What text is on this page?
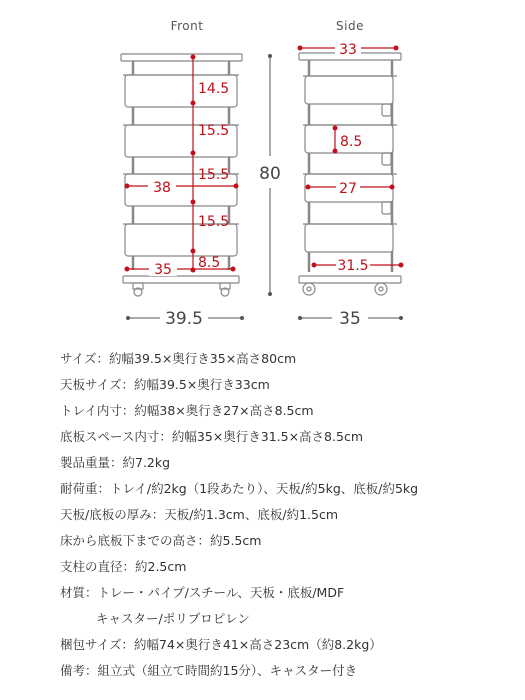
Front
14.5
15.5
15.5
15.5
8.5
38
35
39.5
80
Side
33
8.5
27
31.5
35
サイズ：約幅39.5×奥行き35×高さ80cm
天板サイズ：約幅39.5×奥行き33cm
トレイ内寸：約幅38×奥行き27×高さ8.5cm
底板スペース内寸：約幅35×奥行き31.5×高さ8.5cm
製品重量：約7.2kg
耐荷重：トレイ/約2kg（1段あたり）、天板/約5kg、底板/約5kg
天板/底板の厚み：天板/約1.3cm、底板/約1.5cm
床から底板下までの高さ：約5.5cm
支柱の直径：約2.5cm
材質：トレー・パイプ/スチール、天板・底板/MDF
キャスター/ポリプロピレン
梱包サイズ：約幅74×奥行き41×高さ23cm（約8.2kg）
備考：組立式（組立て時間約15分）、キャスター付き
